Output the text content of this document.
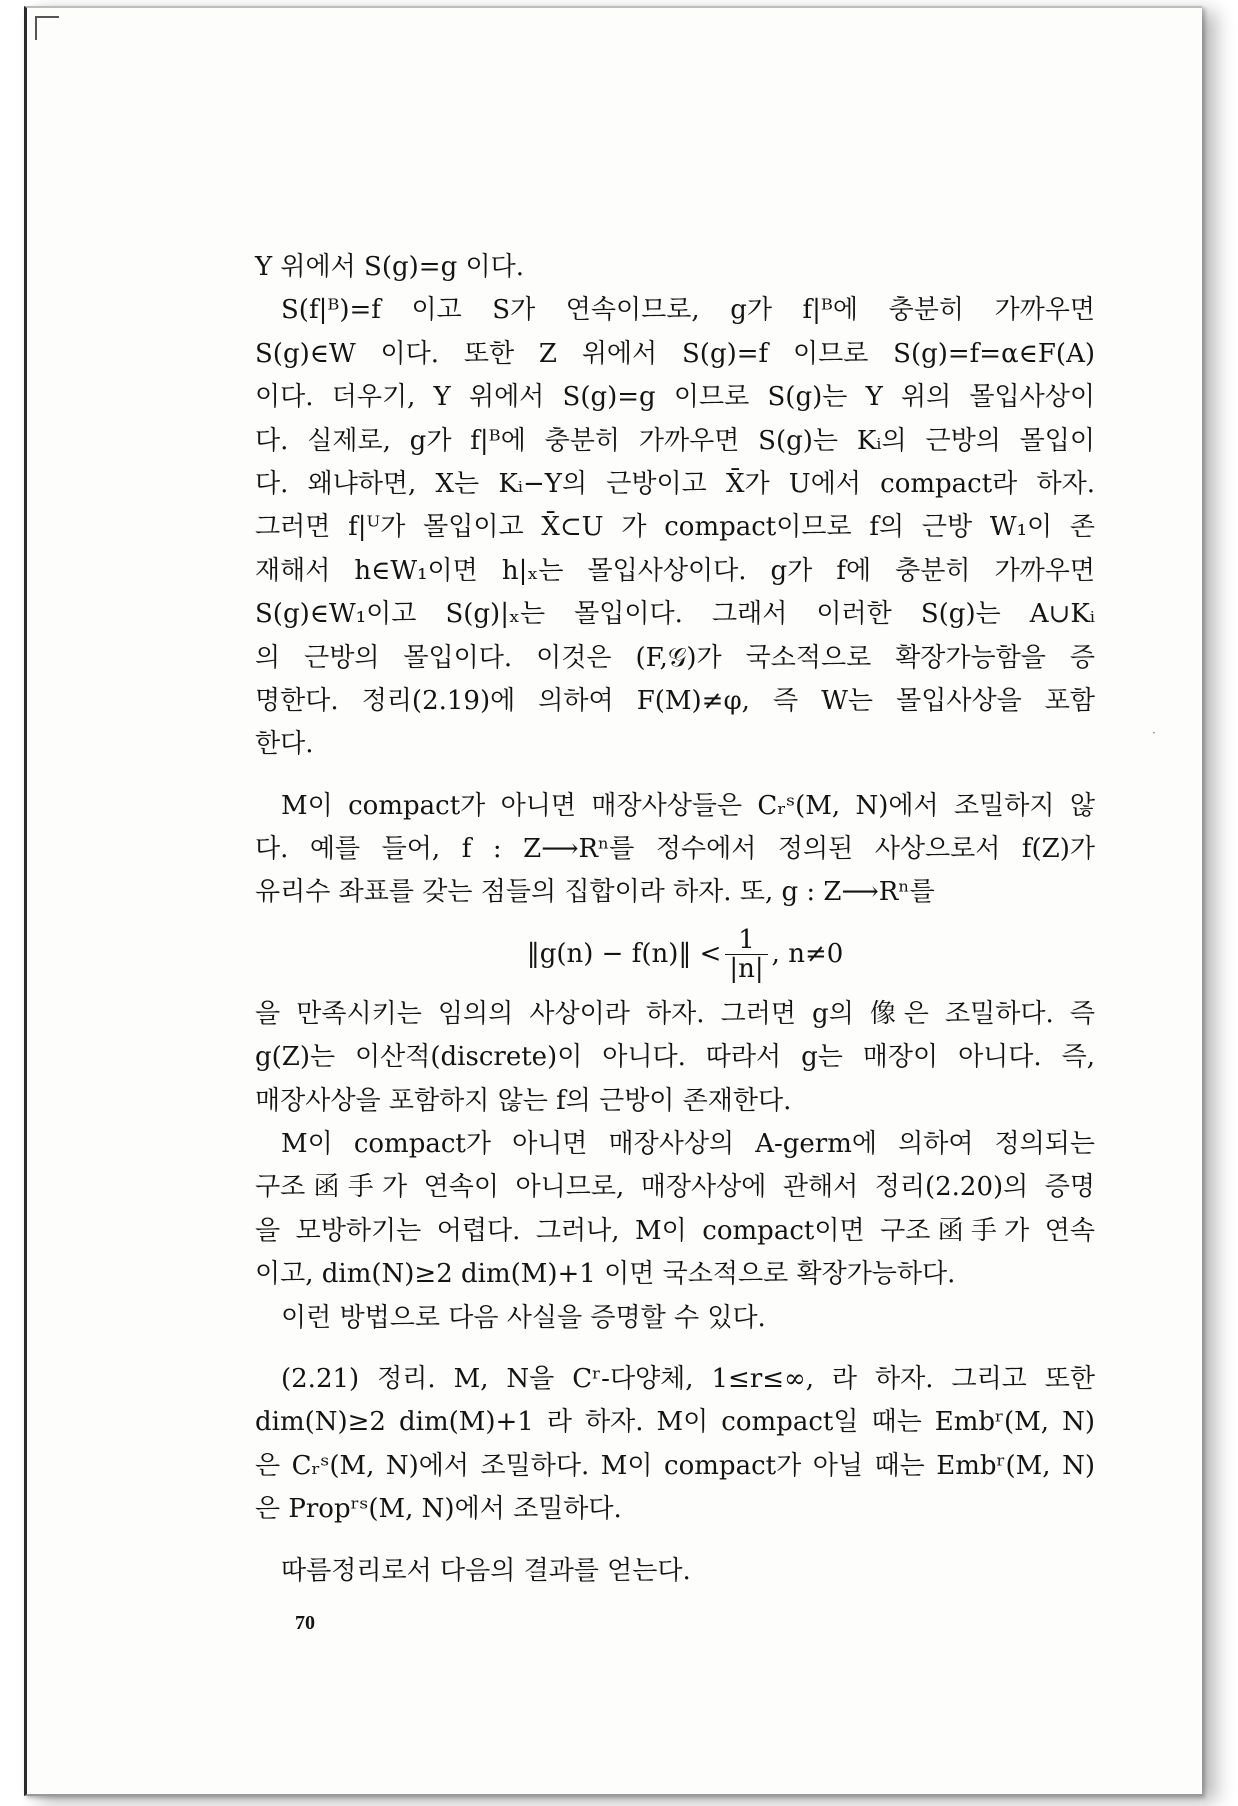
·
Y 위에서 S(g)=g 이다.
S(f|ᴮ)=f 이고 S가 연속이므로, g가 f|ᴮ에 충분히 가까우면
S(g)∈W 이다. 또한 Z 위에서 S(g)=f 이므로 S(g)=f=α∈F(A)
이다. 더우기, Y 위에서 S(g)=g 이므로 S(g)는 Y 위의 몰입사상이
다. 실제로, g가 f|ᴮ에 충분히 가까우면 S(g)는 Kᵢ의 근방의 몰입이
다. 왜냐하면, X는 Kᵢ−Y의 근방이고 X̄가 U에서 compact라 하자.
그러면 f|ᵁ가 몰입이고 X̄⊂U 가 compact이므로 f의 근방 W₁이 존
재해서 h∈W₁이면 h|ₓ는 몰입사상이다. g가 f에 충분히 가까우면
S(g)∈W₁이고 S(g)|ₓ는 몰입이다. 그래서 이러한 S(g)는 A∪Kᵢ
의 근방의 몰입이다. 이것은 (F,𝒢)가 국소적으로 확장가능함을 증
명한다. 정리(2.19)에 의하여 F(M)≠φ, 즉 W는 몰입사상을 포함
한다.
M이 compact가 아니면 매장사상들은 Cᵣˢ(M, N)에서 조밀하지 않
다. 예를 들어, f : Z⟶Rⁿ를 정수에서 정의된 사상으로서 f(Z)가
유리수 좌표를 갖는 점들의 집합이라 하자. 또, g : Z⟶Rⁿ를
‖g(n) − f(n)‖ < $\frac{1}{|n|}$ , n≠0
을 만족시키는 임의의 사상이라 하자. 그러면 g의 像은 조밀하다. 즉
g(Z)는 이산적(discrete)이 아니다. 따라서 g는 매장이 아니다. 즉,
매장사상을 포함하지 않는 f의 근방이 존재한다.
M이 compact가 아니면 매장사상의 A-germ에 의하여 정의되는
구조函手가 연속이 아니므로, 매장사상에 관해서 정리(2.20)의 증명
을 모방하기는 어렵다. 그러나, M이 compact이면 구조函手가 연속
이고, dim(N)≥2 dim(M)+1 이면 국소적으로 확장가능하다.
이런 방법으로 다음 사실을 증명할 수 있다.
(2.21) 정리. M, N을 Cʳ-다양체, 1≤r≤∞, 라 하자. 그리고 또한
dim(N)≥2 dim(M)+1 라 하자. M이 compact일 때는 Embʳ(M, N)
은 Cᵣˢ(M, N)에서 조밀하다. M이 compact가 아닐 때는 Embʳ(M, N)
은 Propʳˢ(M, N)에서 조밀하다.
따름정리로서 다음의 결과를 얻는다.
70
